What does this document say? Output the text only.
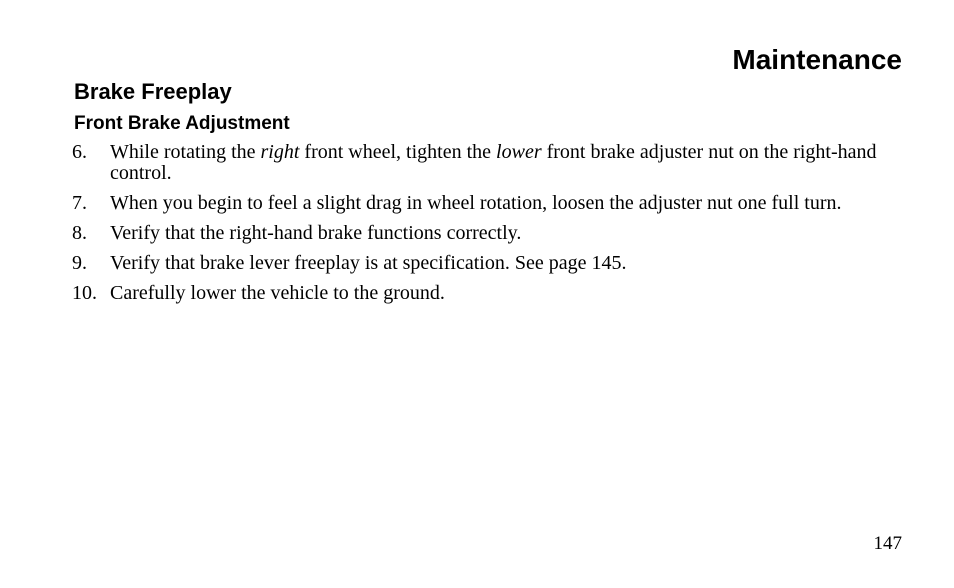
Maintenance
Brake Freeplay
Front Brake Adjustment
6. While rotating the right front wheel, tighten the lower front brake adjuster nut on the right-hand control.
7. When you begin to feel a slight drag in wheel rotation, loosen the adjuster nut one full turn.
8. Verify that the right-hand brake functions correctly.
9. Verify that brake lever freeplay is at specification. See page 145.
10. Carefully lower the vehicle to the ground.
147
